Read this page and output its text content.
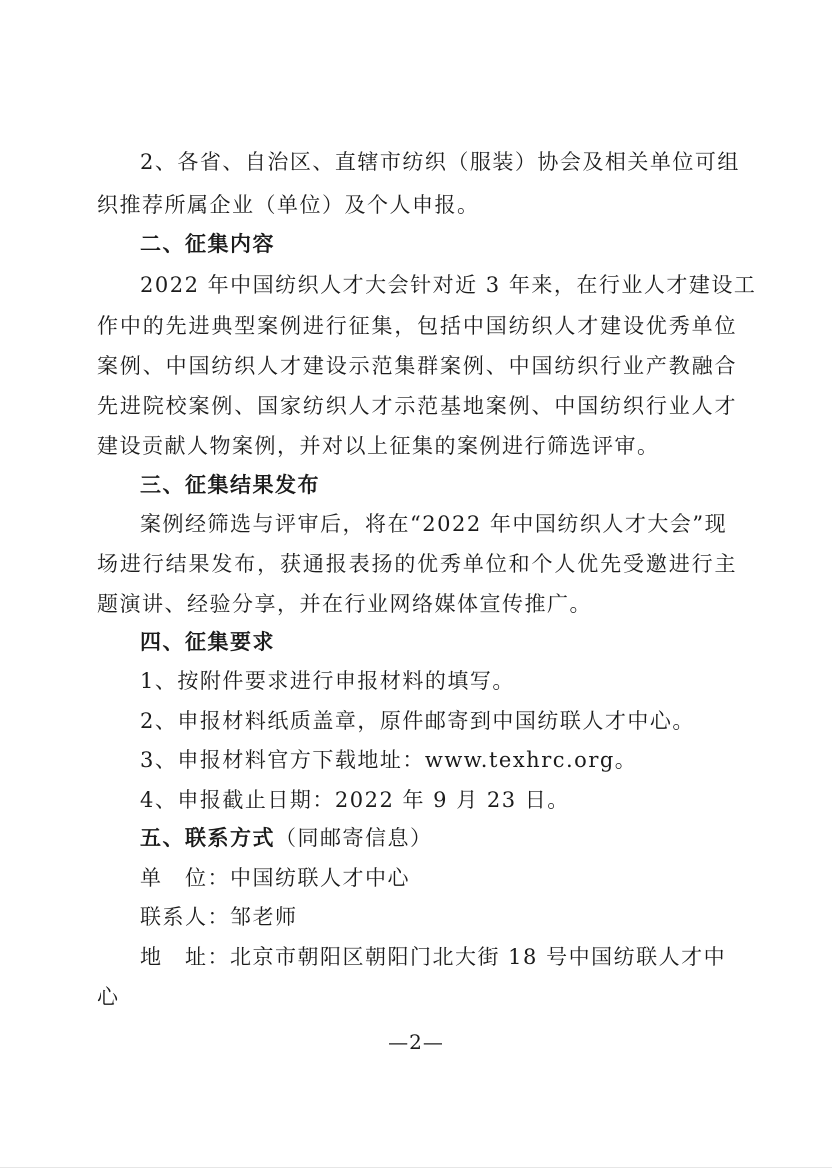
2、各省、自治区、直辖市纺织（服装）协会及相关单位可组
织推荐所属企业（单位）及个人申报。
二、征集内容
2022 年中国纺织人才大会针对近 3 年来，在行业人才建设工
作中的先进典型案例进行征集，包括中国纺织人才建设优秀单位
案例、中国纺织人才建设示范集群案例、中国纺织行业产教融合
先进院校案例、国家纺织人才示范基地案例、中国纺织行业人才
建设贡献人物案例，并对以上征集的案例进行筛选评审。
三、征集结果发布
案例经筛选与评审后，将在“2022 年中国纺织人才大会”现
场进行结果发布，获通报表扬的优秀单位和个人优先受邀进行主
题演讲、经验分享，并在行业网络媒体宣传推广。
四、征集要求
1、按附件要求进行申报材料的填写。
2、申报材料纸质盖章，原件邮寄到中国纺联人才中心。
3、申报材料官方下载地址：www.texhrc.org。
4、申报截止日期：2022 年 9 月 23 日。
五、联系方式（同邮寄信息）
单　位：中国纺联人才中心
联系人：邹老师
地　址：北京市朝阳区朝阳门北大街 18 号中国纺联人才中
心
—2—
